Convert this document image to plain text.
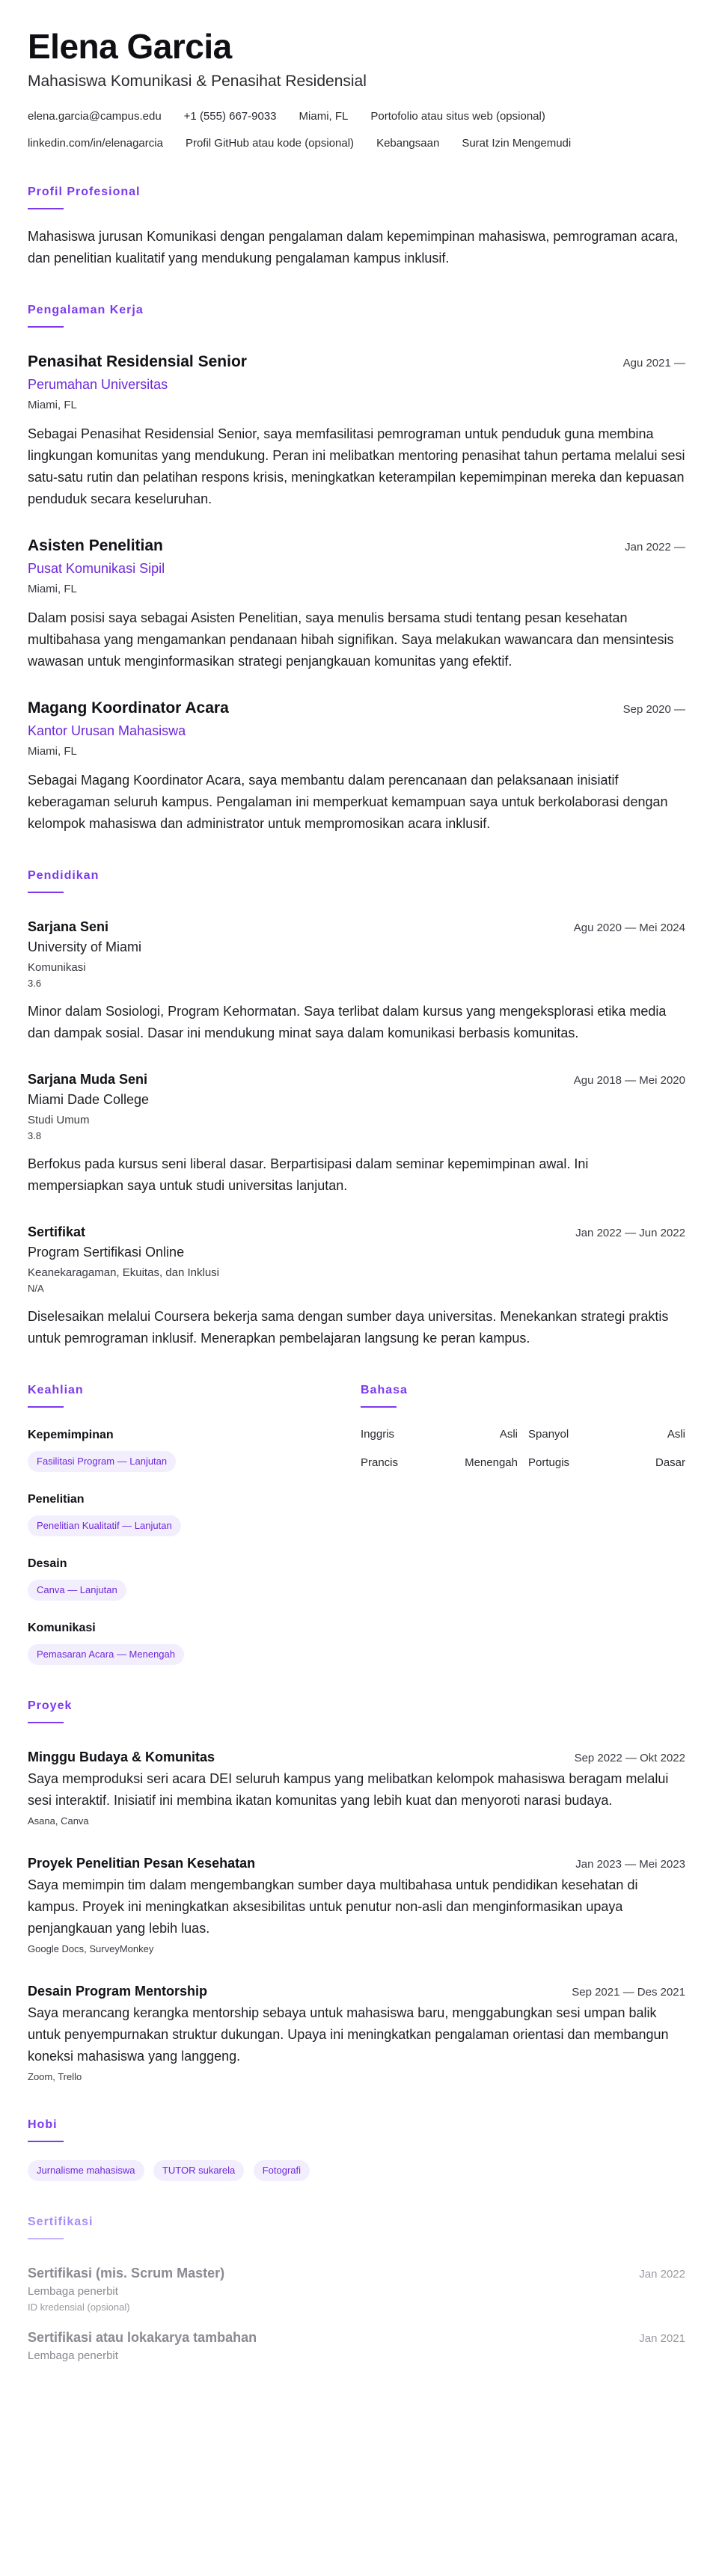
Elena Garcia
Mahasiswa Komunikasi & Penasihat Residensial
elena.garcia@campus.edu +1 (555) 667-9033 Miami, FL Portofolio atau situs web (opsional)
linkedin.com/in/elenagarcia Profil GitHub atau kode (opsional) Kebangsaan Surat Izin Mengemudi
Profil Profesional
Mahasiswa jurusan Komunikasi dengan pengalaman dalam kepemimpinan mahasiswa, pemrograman acara, dan penelitian kualitatif yang mendukung pengalaman kampus inklusif.
Pengalaman Kerja
Penasihat Residensial Senior	Agu 2021 —
Perumahan Universitas
Miami, FL
Sebagai Penasihat Residensial Senior, saya memfasilitasi pemrograman untuk penduduk guna membina lingkungan komunitas yang mendukung. Peran ini melibatkan mentoring penasihat tahun pertama melalui sesi satu-satu rutin dan pelatihan respons krisis, meningkatkan keterampilan kepemimpinan mereka dan kepuasan penduduk secara keseluruhan.
Asisten Penelitian	Jan 2022 —
Pusat Komunikasi Sipil
Miami, FL
Dalam posisi saya sebagai Asisten Penelitian, saya menulis bersama studi tentang pesan kesehatan multibahasa yang mengamankan pendanaan hibah signifikan. Saya melakukan wawancara dan mensintesis wawasan untuk menginformasikan strategi penjangkauan komunitas yang efektif.
Magang Koordinator Acara	Sep 2020 —
Kantor Urusan Mahasiswa
Miami, FL
Sebagai Magang Koordinator Acara, saya membantu dalam perencanaan dan pelaksanaan inisiatif keberagaman seluruh kampus. Pengalaman ini memperkuat kemampuan saya untuk berkolaborasi dengan kelompok mahasiswa dan administrator untuk mempromosikan acara inklusif.
Pendidikan
Sarjana Seni	Agu 2020 — Mei 2024
University of Miami
Komunikasi
3.6
Minor dalam Sosiologi, Program Kehormatan. Saya terlibat dalam kursus yang mengeksplorasi etika media dan dampak sosial. Dasar ini mendukung minat saya dalam komunikasi berbasis komunitas.
Sarjana Muda Seni	Agu 2018 — Mei 2020
Miami Dade College
Studi Umum
3.8
Berfokus pada kursus seni liberal dasar. Berpartisipasi dalam seminar kepemimpinan awal. Ini mempersiapkan saya untuk studi universitas lanjutan.
Sertifikat	Jan 2022 — Jun 2022
Program Sertifikasi Online
Keanekaragaman, Ekuitas, dan Inklusi
N/A
Diselesaikan melalui Coursera bekerja sama dengan sumber daya universitas. Menekankan strategi praktis untuk pemrograman inklusif. Menerapkan pembelajaran langsung ke peran kampus.
Keahlian
Kepemimpinan
Fasilitasi Program — Lanjutan
Penelitian
Penelitian Kualitatif — Lanjutan
Desain
Canva — Lanjutan
Komunikasi
Pemasaran Acara — Menengah
Bahasa
Inggris	Asli Spanyol	Asli
Prancis	Menengah Portugis	Dasar
Proyek
Minggu Budaya & Komunitas	Sep 2022 — Okt 2022
Saya memproduksi seri acara DEI seluruh kampus yang melibatkan kelompok mahasiswa beragam melalui sesi interaktif. Inisiatif ini membina ikatan komunitas yang lebih kuat dan menyoroti narasi budaya.
Asana, Canva
Proyek Penelitian Pesan Kesehatan	Jan 2023 — Mei 2023
Saya memimpin tim dalam mengembangkan sumber daya multibahasa untuk pendidikan kesehatan di kampus. Proyek ini meningkatkan aksesibilitas untuk penutur non-asli dan menginformasikan upaya penjangkauan yang lebih luas.
Google Docs, SurveyMonkey
Desain Program Mentorship	Sep 2021 — Des 2021
Saya merancang kerangka mentorship sebaya untuk mahasiswa baru, menggabungkan sesi umpan balik untuk penyempurnakan struktur dukungan. Upaya ini meningkatkan pengalaman orientasi dan membangun koneksi mahasiswa yang langgeng.
Zoom, Trello
Hobi
Jurnalisme mahasiswa	TUTOR sukarela	Fotografi
Sertifikasi
Sertifikasi (mis. Scrum Master)	Jan 2022
Lembaga penerbit
ID kredensial (opsional)
Sertifikasi atau lokakarya tambahan	Jan 2021
Lembaga penerbit
